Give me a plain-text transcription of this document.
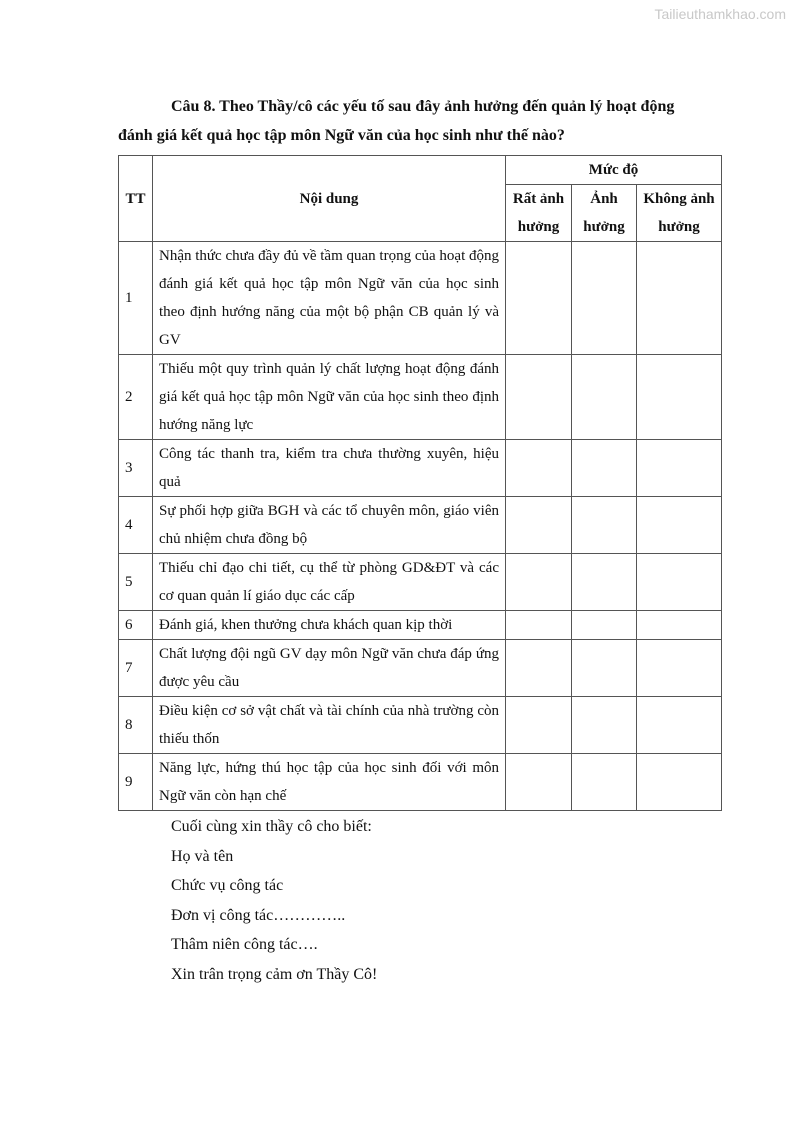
Tailieuthamkhao.com
Câu 8. Theo Thầy/cô các yếu tố sau đây ảnh hưởng đến quản lý hoạt động
đánh giá kết quả học tập môn Ngữ văn của học sinh như thế nào?
TT	Nội dung	Mức độ		
		Rất ảnh hưởng	Ảnh hưởng	Không ảnh hưởng
1	Nhận thức chưa đầy đủ về tầm quan trọng của hoạt động đánh giá kết quả học tập môn Ngữ văn của học sinh theo định hướng năng của một bộ phận CB quản lý và GV			
2	Thiếu một quy trình quản lý chất lượng hoạt động đánh giá kết quả học tập môn Ngữ văn của học sinh theo định hướng năng lực			
3	Công tác thanh tra, kiểm tra chưa thường xuyên, hiệu quả			
4	Sự phối hợp giữa BGH và các tổ chuyên môn, giáo viên chủ nhiệm chưa đồng bộ			
5	Thiếu chỉ đạo chi tiết, cụ thể từ phòng GD&ĐT và các cơ quan quản lí giáo dục các cấp			
6	Đánh giá, khen thưởng chưa khách quan kịp thời			
7	Chất lượng đội ngũ GV dạy môn Ngữ văn chưa đáp ứng được yêu cầu			
8	Điều kiện cơ sở vật chất và tài chính của nhà trường còn thiếu thốn			
9	Năng lực, hứng thú học tập của học sinh đối với môn Ngữ văn còn hạn chế			
Cuối cùng xin thầy cô cho biết:
Họ và tên
Chức vụ công tác
Đơn vị công tác…………..
Thâm niên công tác….
Xin trân trọng cảm ơn Thầy Cô!
